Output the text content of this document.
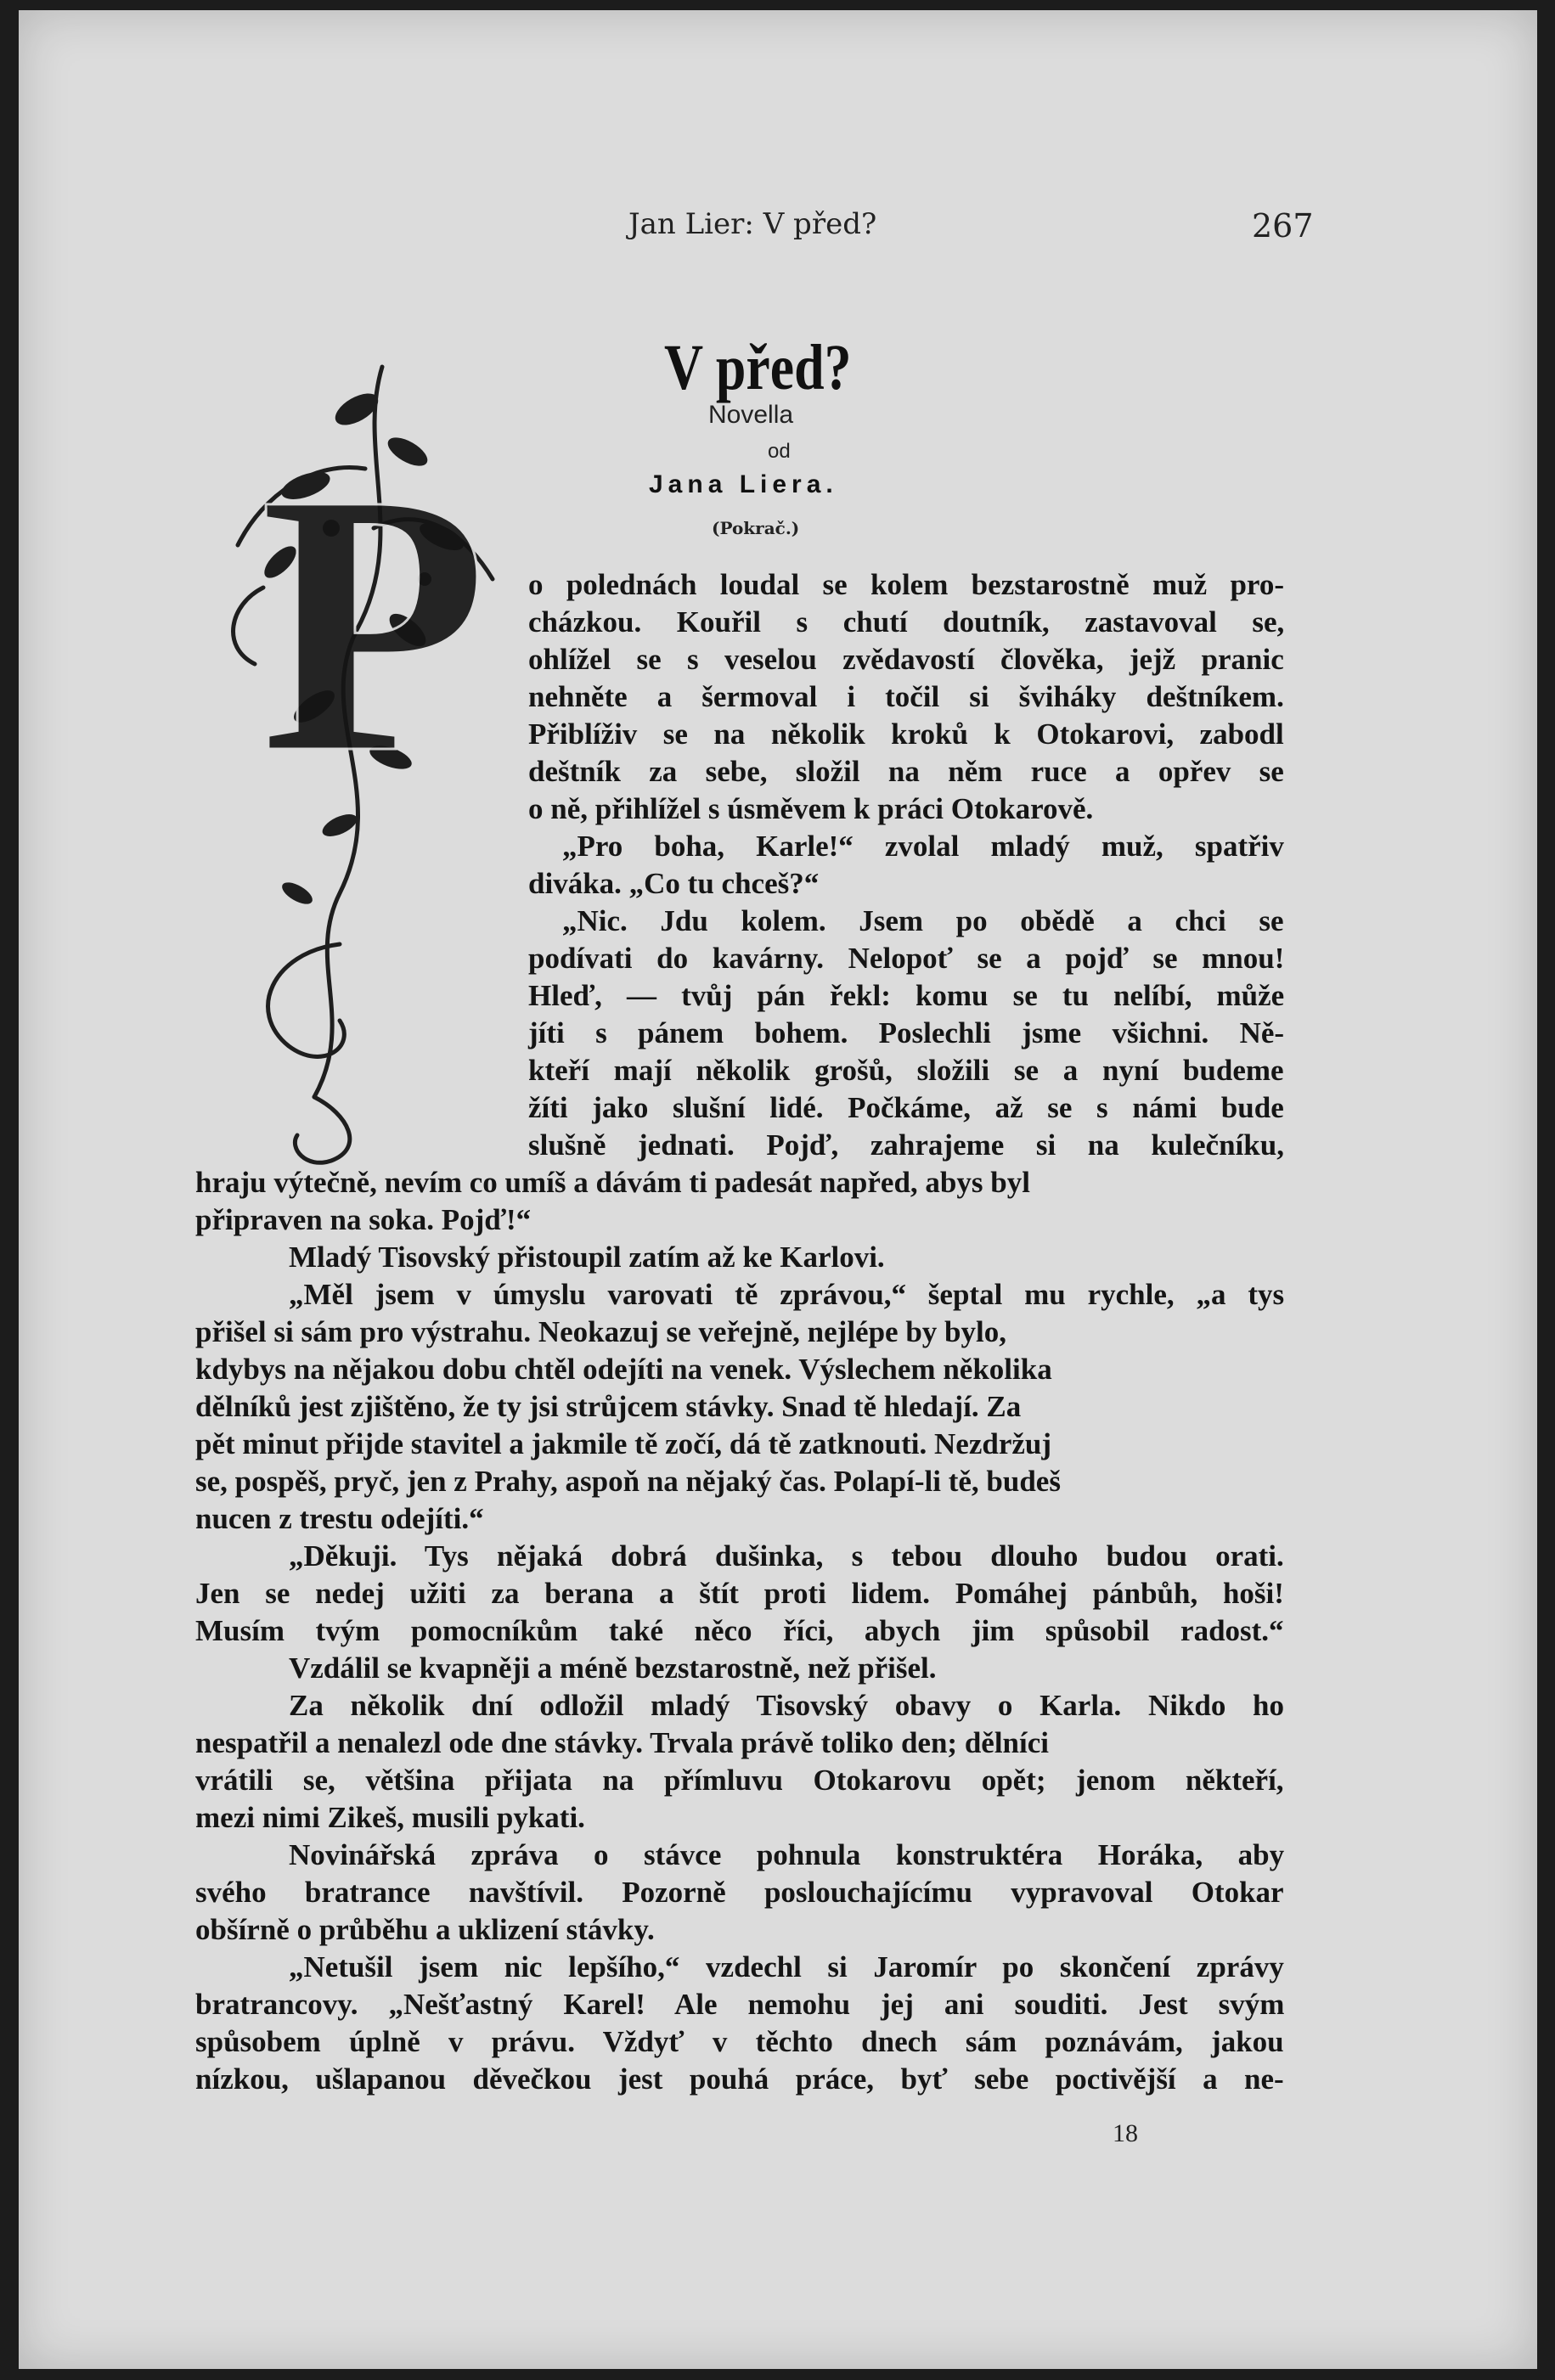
Jan Lier: V před?	267
V před?
Novella
od
Jana Liera.
(Pokrač.)
P o polednách loudal se kolem bezstarostně muž pro-
cházkou. Kouřil s chutí doutník, zastavoval se,
ohlížel se s veselou zvědavostí člověka, jejž pranic
nehněte a šermoval i točil si šviháky deštníkem.
Přiblíživ se na několik kroků k Otokarovi, zabodl
deštník za sebe, složil na něm ruce a opřev se
o ně, přihlížel s úsměvem k práci Otokarově.
„Pro boha, Karle!“ zvolal mladý muž, spatřiv
diváka. „Co tu chceš?“
„Nic. Jdu kolem. Jsem po obědě a chci se
podívati do kavárny. Nelopoť se a pojď se mnou!
Hleď, — tvůj pán řekl: komu se tu nelíbí, může
jíti s pánem bohem. Poslechli jsme všichni. Ně-
kteří mají několik grošů, složili se a nyní budeme
žíti jako slušní lidé. Počkáme, až se s námi bude
slušně jednati. Pojď, zahrajeme si na kulečníku,
hraju výtečně, nevím co umíš a dávám ti padesát napřed, abys byl
připraven na soka. Pojď!“
Mladý Tisovský přistoupil zatím až ke Karlovi.
„Měl jsem v úmyslu varovati tě zprávou,“ šeptal mu rychle, „a tys
přišel si sám pro výstrahu. Neokazuj se veřejně, nejlépe by bylo,
kdybys na nějakou dobu chtěl odejíti na venek. Výslechem několika
dělníků jest zjištěno, že ty jsi strůjcem stávky. Snad tě hledají. Za
pět minut přijde stavitel a jakmile tě zočí, dá tě zatknouti. Nezdržuj
se, pospěš, pryč, jen z Prahy, aspoň na nějaký čas. Polapí-li tě, budeš
nucen z trestu odejíti.“
„Děkuji. Tys nějaká dobrá dušinka, s tebou dlouho budou orati.
Jen se nedej užiti za berana a štít proti lidem. Pomáhej pánbůh, hoši!
Musím tvým pomocníkům také něco říci, abych jim spůsobil radost.“
Vzdálil se kvapněji a méně bezstarostně, než přišel.
Za několik dní odložil mladý Tisovský obavy o Karla. Nikdo ho
nespatřil a nenalezl ode dne stávky. Trvala právě toliko den; dělníci
vrátili se, většina přijata na přímluvu Otokarovu opět; jenom někteří,
mezi nimi Zikeš, musili pykati.
Novinářská zpráva o stávce pohnula konstruktéra Horáka, aby
svého bratrance navštívil. Pozorně poslouchajícímu vypravoval Otokar
obšírně o průběhu a uklizení stávky.
„Netušil jsem nic lepšího,“ vzdechl si Jaromír po skončení zprávy
bratrancovy. „Nešťastný Karel! Ale nemohu jej ani souditi. Jest svým
spůsobem úplně v právu. Vždyť v těchto dnech sám poznávám, jakou
nízkou, ušlapanou děvečkou jest pouhá práce, byť sebe poctivější a ne-
18
